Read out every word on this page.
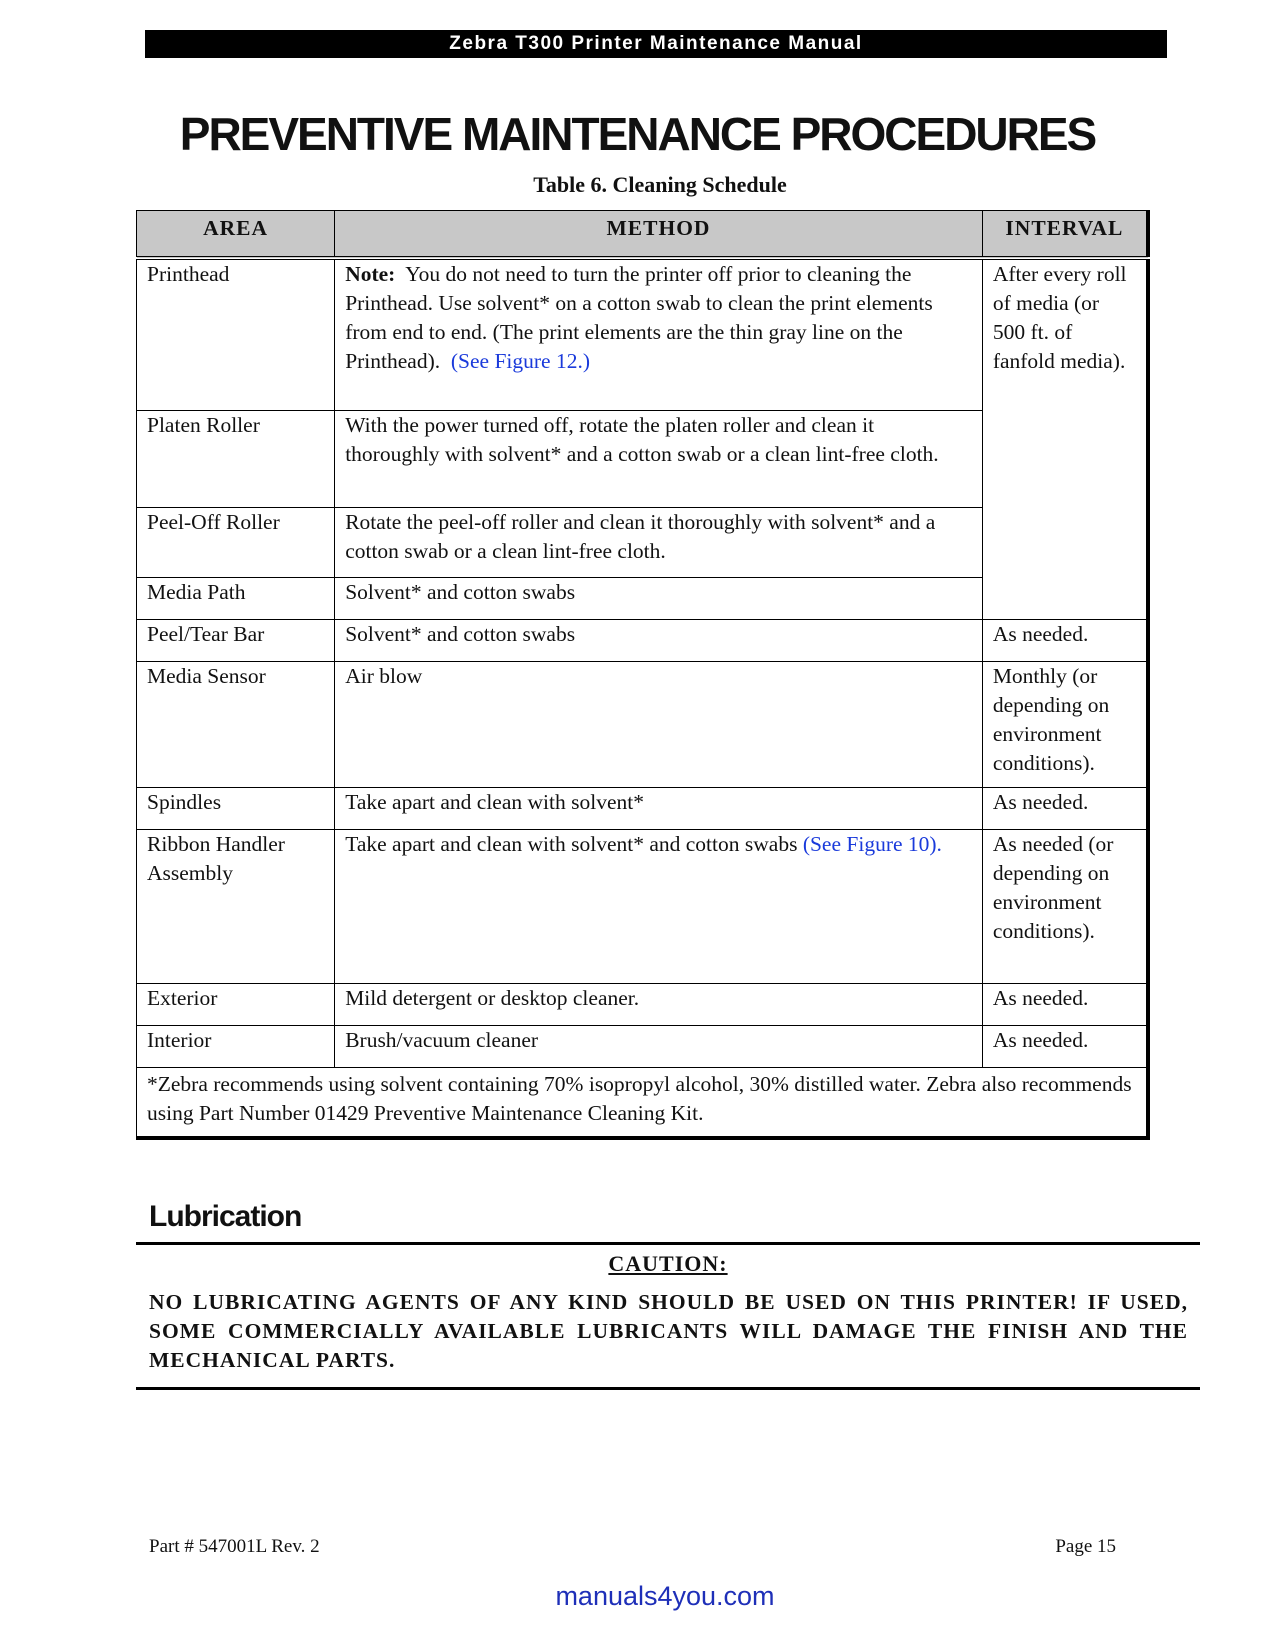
Zebra T300 Printer Maintenance Manual
PREVENTIVE MAINTENANCE PROCEDURES
Table 6. Cleaning Schedule
AREA	METHOD	INTERVAL
Printhead	Note: You do not need to turn the printer off prior to cleaning the Printhead. Use solvent* on a cotton swab to clean the print elements from end to end. (The print elements are the thin gray line on the Printhead). (See Figure 12.)	After every roll of media (or 500 ft. of fanfold media).
Platen Roller	With the power turned off, rotate the platen roller and clean it thoroughly with solvent* and a cotton swab or a clean lint-free cloth.	
Peel-Off Roller	Rotate the peel-off roller and clean it thoroughly with solvent* and a cotton swab or a clean lint-free cloth.	
Media Path	Solvent* and cotton swabs	
Peel/Tear Bar	Solvent* and cotton swabs	As needed.
Media Sensor	Air blow	Monthly (or depending on environment conditions).
Spindles	Take apart and clean with solvent*	As needed.
Ribbon Handler Assembly	Take apart and clean with solvent* and cotton swabs (See Figure 10).	As needed (or depending on environment conditions).
Exterior	Mild detergent or desktop cleaner.	As needed.
Interior	Brush/vacuum cleaner	As needed.
*Zebra recommends using solvent containing 70% isopropyl alcohol, 30% distilled water. Zebra also recommends using Part Number 01429 Preventive Maintenance Cleaning Kit.		
Lubrication
CAUTION:
NO LUBRICATING AGENTS OF ANY KIND SHOULD BE USED ON THIS PRINTER! IF USED, SOME COMMERCIALLY AVAILABLE LUBRICANTS WILL DAMAGE THE FINISH AND THE MECHANICAL PARTS.
Part # 547001L Rev. 2	Page 15
manuals4you.com
